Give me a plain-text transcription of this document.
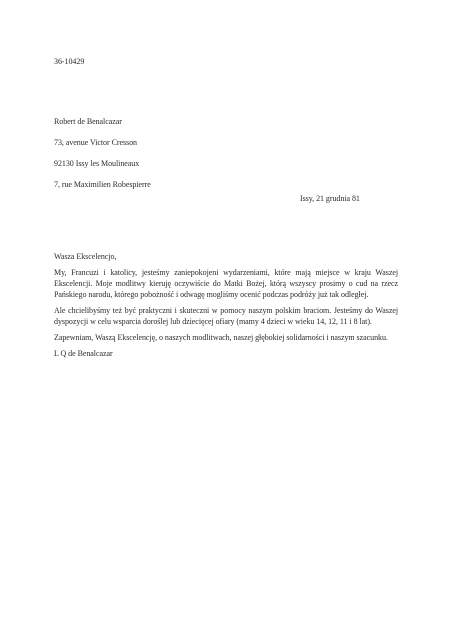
36-10429
Robert de Benalcazar
73, avenue Victor Cresson
92130 Issy les Moulineaux
7, rue Maximilien Robespierre
Issy, 21 grudnia 81
Wasza Ekscelencjo,

My, Francuzi i katolicy, jesteśmy zaniepokojeni wydarzeniami, które mają miejsce w kraju Waszej Ekscelencji. Moje modlitwy kieruję oczywiście do Matki Bożej, którą wszyscy prosimy o cud na rzecz Pańskiego narodu, którego pobożność i odwagę mogliśmy ocenić podczas podróży już tak odległej.

Ale chcielibyśmy też być praktyczni i skuteczni w pomocy naszym polskim braciom. Jesteśmy do Waszej dyspozycji w celu wsparcia doroślej lub dziecięcej ofiary (mamy 4 dzieci w wieku 14, 12, 11 i 8 lat).

Zapewniam, Waszą Ekscelencję, o naszych modlitwach, naszej głębokiej solidarności i naszym szacunku.

L Q de Benalcazar
